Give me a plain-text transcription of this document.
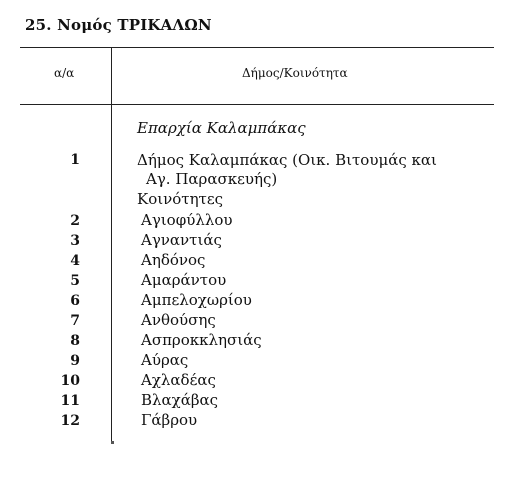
25. Νομός ΤΡΙΚΑΛΩΝ
α/α	Δήμος/Κοινότητα
Επαρχία Καλαμπάκας
1	Δήμος Καλαμπάκας (Οικ. Βιτουμάς και
Αγ. Παρασκευής)
Κοινότητες
2	Αγιοφύλλου
3	Αγναντιάς
4	Αηδόνος
5	Αμαράντου
6	Αμπελοχωρίου
7	Ανθούσης
8	Ασπροκκλησιάς
9	Αύρας
10	Αχλαδέας
11	Βλαχάβας
12	Γάβρου
